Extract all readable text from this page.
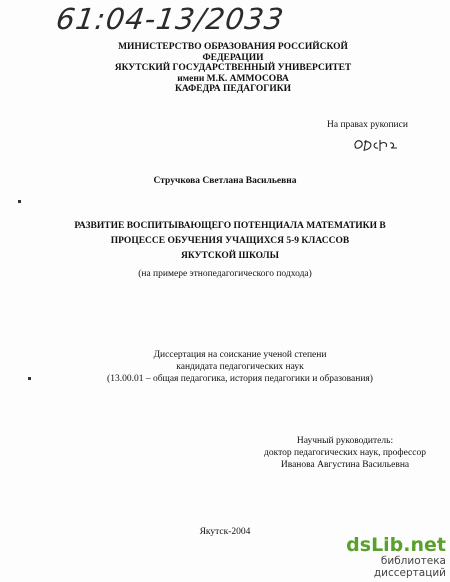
61:04-13/2033
МИНИСТЕРСТВО ОБРАЗОВАНИЯ РОССИЙСКОЙ ФЕДЕРАЦИИ
ЯКУТСКИЙ ГОСУДАРСТВЕННЫЙ УНИВЕРСИТЕТ
имени М.К. АММОСОВА
КАФЕДРА ПЕДАГОГИКИ
На правах рукописи
Стручкова Светлана Васильевна
РАЗВИТИЕ ВОСПИТЫВАЮЩЕГО ПОТЕНЦИАЛА МАТЕМАТИКИ В
ПРОЦЕССЕ ОБУЧЕНИЯ УЧАЩИХСЯ 5-9 КЛАССОВ
ЯКУТСКОЙ ШКОЛЫ
(на примере этнопедагогического подхода)
Диссертация на соискание ученой степени
кандидата педагогических наук
(13.00.01 – общая педагогика, история педагогики и образования)
Научный руководитель:
доктор педагогических наук, профессор
Иванова Августина Васильевна
Якутск-2004
dsLib.net
библиотека диссертаций
